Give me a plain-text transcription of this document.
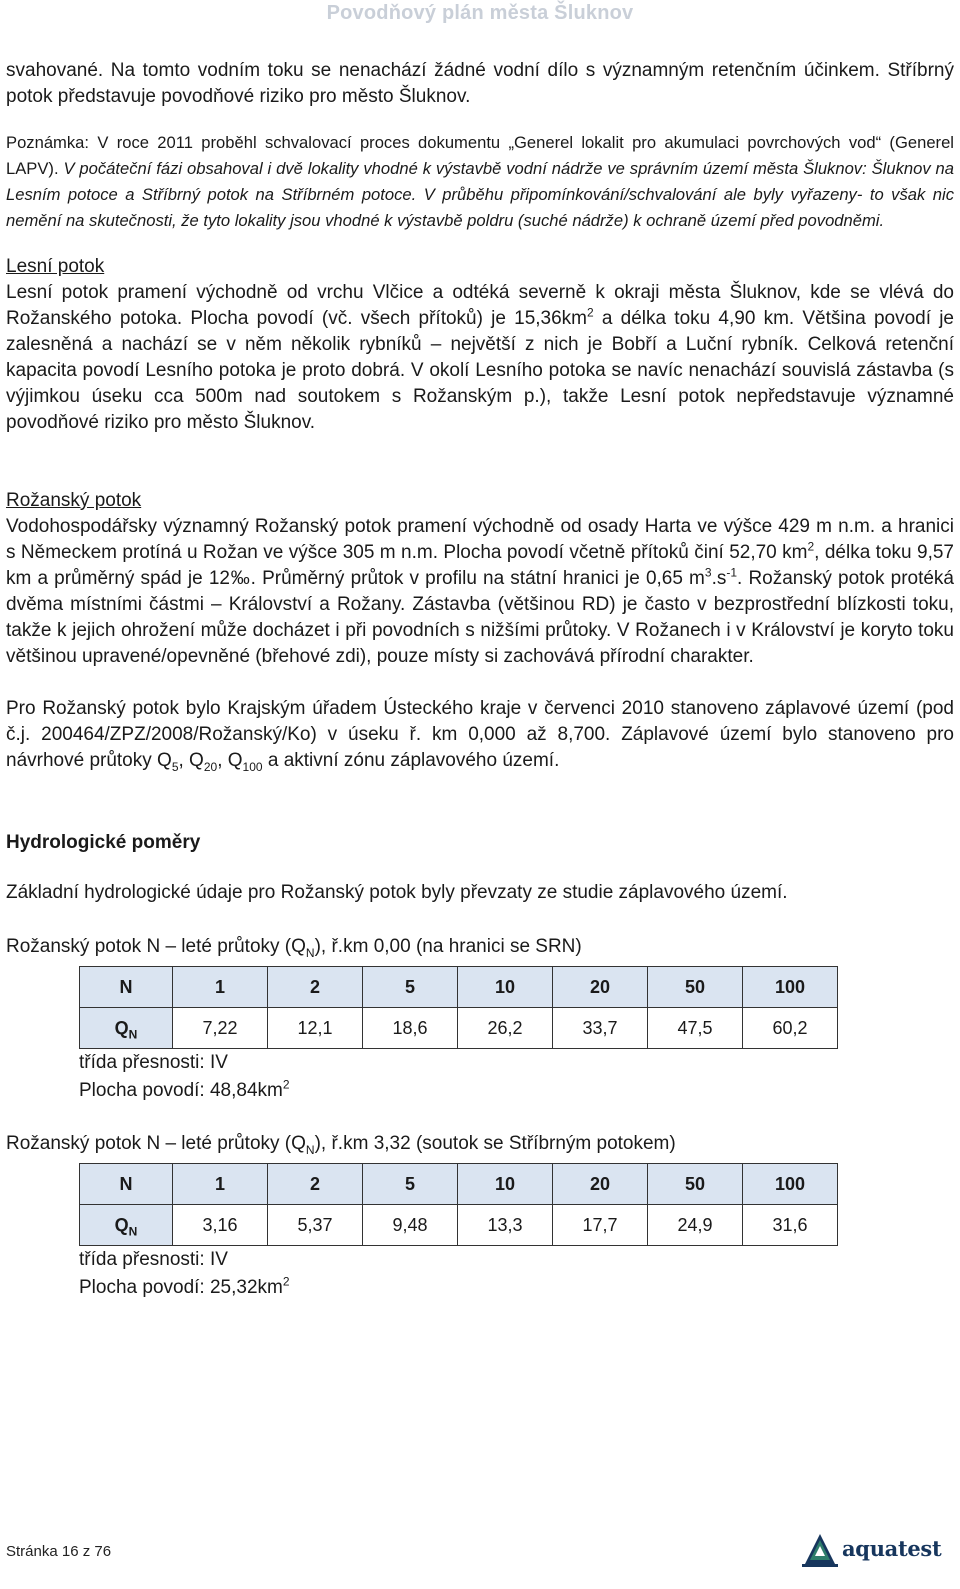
Povodňový plán města Šluknov

svahované. Na tomto vodním toku se nenachází žádné vodní dílo s významným retenčním účinkem. Stříbrný potok představuje povodňové riziko pro město Šluknov.

Poznámka: V roce 2011 proběhl schvalovací proces dokumentu „Generel lokalit pro akumulaci povrchových vod“ (Generel LAPV). V počáteční fázi obsahoval i dvě lokality vhodné k výstavbě vodní nádrže ve správním území města Šluknov: Šluknov na Lesním potoce a Stříbrný potok na Stříbrném potoce. V průběhu připomínkování/schvalování ale byly vyřazeny- to však nic nemění na skutečnosti, že tyto lokality jsou vhodné k výstavbě poldru (suché nádrže) k ochraně území před povodněmi.

Lesní potok

Lesní potok pramení východně od vrchu Vlčice a odtéká severně k okraji města Šluknov, kde se vlévá do Rožanského potoka. Plocha povodí (vč. všech přítoků) je $15,36km^2$ a délka toku 4,90 km. Většina povodí je zalesněná a nachází se v něm několik rybníků – největší z nich je Bobří a Luční rybník. Celková retenční kapacita povodí Lesního potoka je proto dobrá. V okolí Lesního potoka se navíc nenachází souvislá zástavba (s výjimkou úseku cca 500m nad soutokem s Rožanským p.), takže Lesní potok nepředstavuje významné povodňové riziko pro město Šluknov.

Rožanský potok

Vodohospodářsky významný Rožanský potok pramení východně od osady Harta ve výšce 429 m n.m. a hranici s Německem protíná u Rožan ve výšce 305 m n.m. Plocha povodí včetně přítoků činí 52,70 $km^2$, délka toku 9,57 km a průměrný spád je 12‰. Průměrný průtok v profilu na státní hranici je 0,65 $m^3.s^{-1}$. Rožanský potok protéká dvěma místními částmi – Království a Rožany. Zástavba (většinou RD) je často v bezprostřední blízkosti toku, takže k jejich ohrožení může docházet i při povodních s nižšími průtoky. V Rožanech i v Království je koryto toku většinou upravené/opevněné (břehové zdi), pouze místy si zachovává přírodní charakter.

Pro Rožanský potok bylo Krajským úřadem Ústeckého kraje v červenci 2010 stanoveno záplavové území (pod č.j. 200464/ZPZ/2008/Rožanský/Ko) v úseku ř. km 0,000 až 8,700. Záplavové území bylo stanoveno pro návrhové průtoky $Q_5$, $Q_{20}$, $Q_{100}$ a aktivní zónu záplavového území.

Hydrologické poměry

Základní hydrologické údaje pro Rožanský potok byly převzaty ze studie záplavového území.

Rožanský potok N – leté průtoky $(Q_N)$, ř.km 0,00 (na hranici se SRN)

N	1	2	5	10	20	50	100
$Q_N$	7,22	12,1	18,6	26,2	33,7	47,5	60,2
třída přesnosti: IV
Plocha povodí: $48,84km^2$

Rožanský potok N – leté průtoky $(Q_N)$, ř.km 3,32 (soutok se Stříbrným potokem)

N	1	2	5	10	20	50	100
$Q_N$	3,16	5,37	9,48	13,3	17,7	24,9	31,6
třída přesnosti: IV
Plocha povodí: $25,32km^2$
Stránka 16 z 76	aquatest
